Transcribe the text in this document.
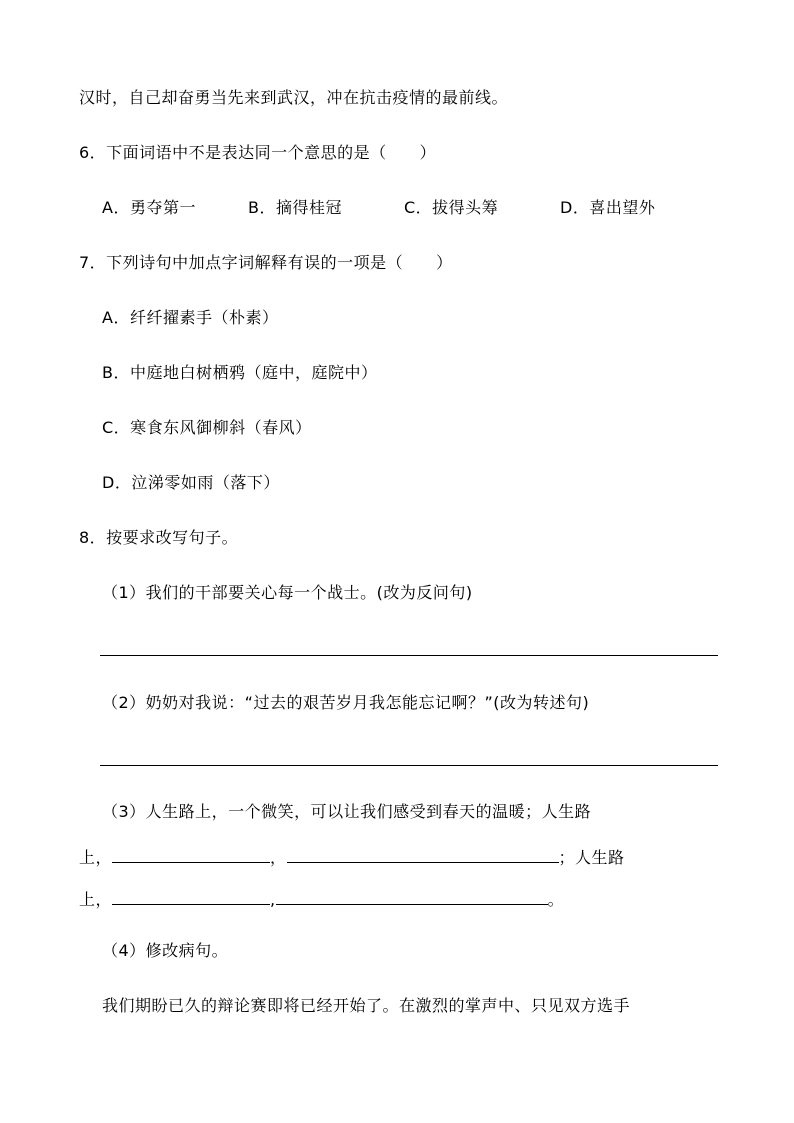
汉时，自己却奋勇当先来到武汉，冲在抗击疫情的最前线。
6．下面词语中不是表达同一个意思的是（　　）
A．勇夺第一	B．摘得桂冠	C．拔得头筹	D．喜出望外
7．下列诗句中加点字词解释有误的一项是（　　）
A．纤纤擢素手（朴素）
B．中庭地白树栖鸦（庭中，庭院中）
C．寒食东风御柳斜（春风）
D．泣涕零如雨（落下）
8．按要求改写句子。
（1）我们的干部要关心每一个战士。(改为反问句)
（2）奶奶对我说：“过去的艰苦岁月我怎能忘记啊？”(改为转述句)
（3）人生路上，一个微笑，可以让我们感受到春天的温暖；人生路
上，	，	；人生路
上，	,	。
（4）修改病句。
我们期盼已久的辩论赛即将已经开始了。在激烈的掌声中、只见双方选手
